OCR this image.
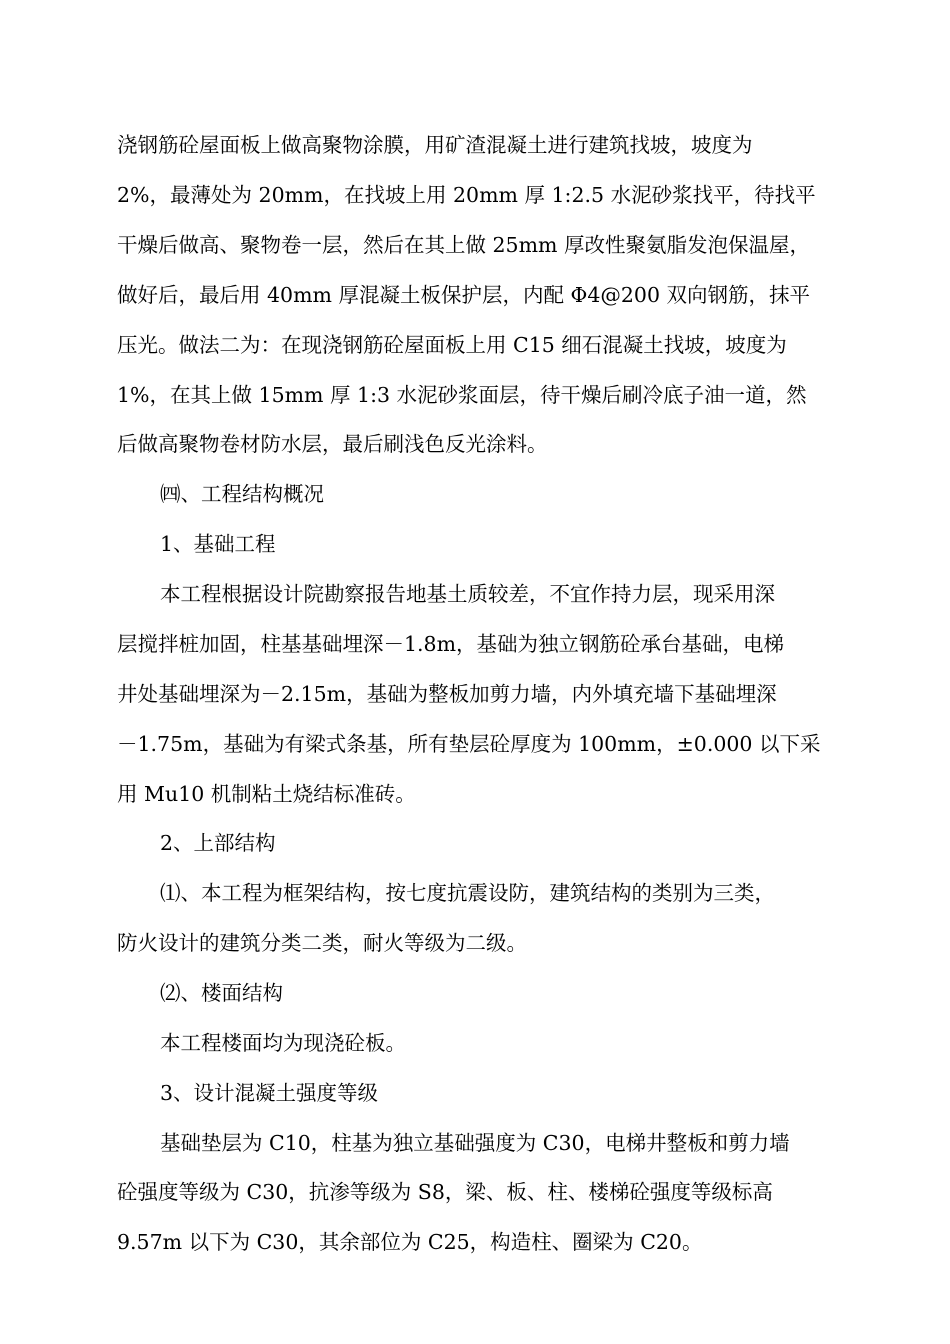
浇钢筋砼屋面板上做高聚物涂膜，用矿渣混凝土进行建筑找坡，坡度为

2%，最薄处为 20mm，在找坡上用 20mm 厚 1:2.5 水泥砂浆找平，待找平

干燥后做高、聚物卷一层，然后在其上做 25mm 厚改性聚氨脂发泡保温屋，

做好后，最后用 40mm 厚混凝土板保护层，内配 Φ4@200 双向钢筋，抹平

压光。做法二为：在现浇钢筋砼屋面板上用 C15 细石混凝土找坡，坡度为

1%，在其上做 15mm 厚 1:3 水泥砂浆面层，待干燥后刷冷底子油一道，然

后做高聚物卷材防水层，最后刷浅色反光涂料。

㈣、工程结构概况

1、基础工程

本工程根据设计院勘察报告地基土质较差，不宜作持力层，现采用深

层搅拌桩加固，柱基基础埋深－1.8m，基础为独立钢筋砼承台基础，电梯

井处基础埋深为－2.15m，基础为整板加剪力墙，内外填充墙下基础埋深

－1.75m，基础为有梁式条基，所有垫层砼厚度为 100mm，±0.000 以下采

用 Mu10 机制粘土烧结标准砖。

2、上部结构

⑴、本工程为框架结构，按七度抗震设防，建筑结构的类别为三类，

防火设计的建筑分类二类，耐火等级为二级。

⑵、楼面结构

本工程楼面均为现浇砼板。

3、设计混凝土强度等级

基础垫层为 C10，柱基为独立基础强度为 C30，电梯井整板和剪力墙

砼强度等级为 C30，抗渗等级为 S8，梁、板、柱、楼梯砼强度等级标高

9.57m 以下为 C30，其余部位为 C25，构造柱、圈梁为 C20。
